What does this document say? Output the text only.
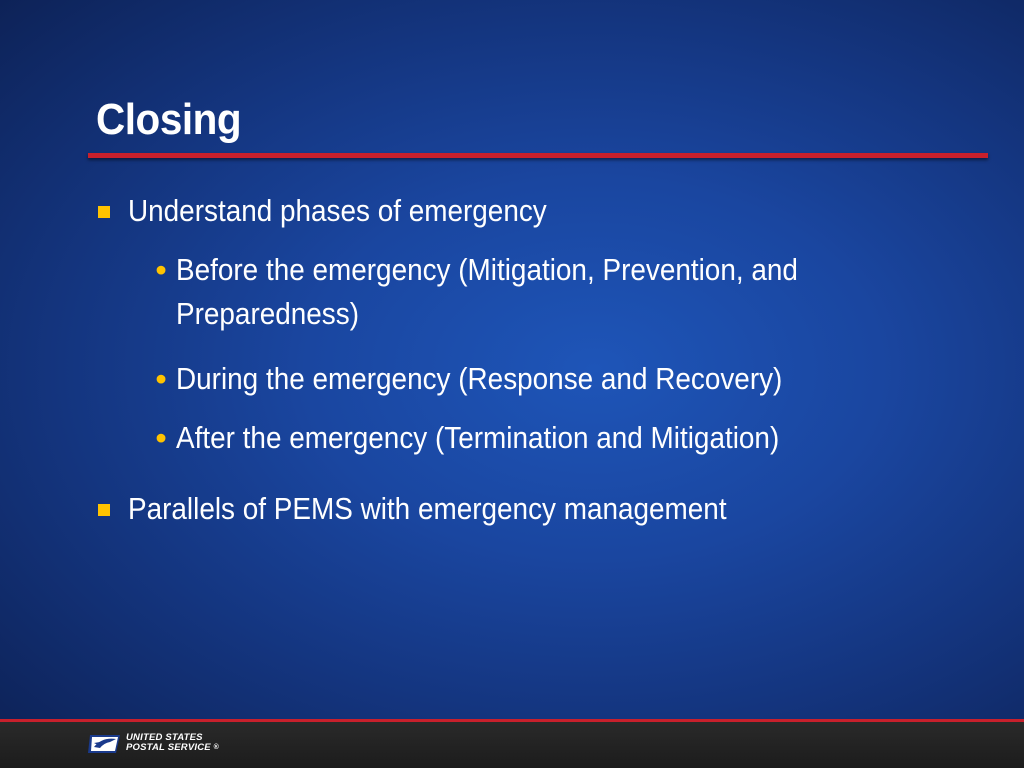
Closing
Understand phases of emergency
• Before the emergency (Mitigation, Prevention, and Preparedness)
• During the emergency (Response and Recovery)
• After the emergency (Termination and Mitigation)
Parallels of PEMS with emergency management
UNITED STATES
POSTAL SERVICE ®
